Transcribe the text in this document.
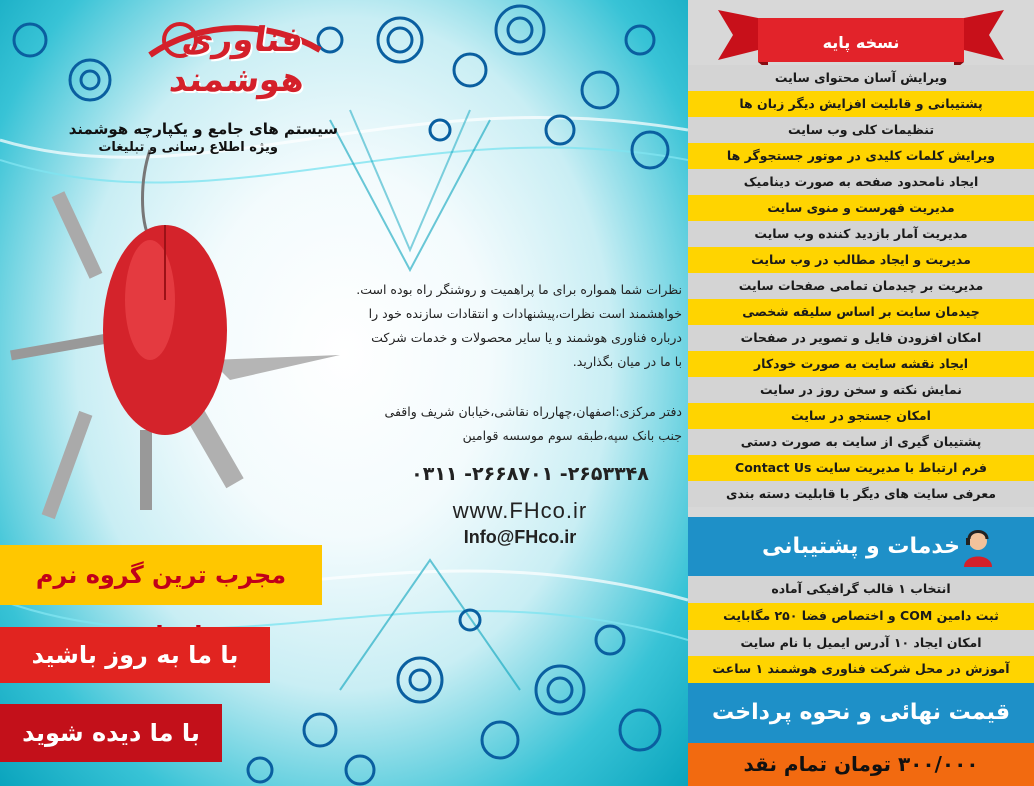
فناوری هوشمند
سیستم های جامع و یکپارچه هوشمند
ویژه اطلاع رسانی و تبلیغات
نظرات شما همواره برای ما پراهمیت و روشنگر راه بوده است.
خواهشمند است نظرات،پیشنهادات و انتقادات سازنده خود را
درباره فناوری هوشمند و یا سایر محصولات و خدمات شرکت
با ما در میان بگذارید.
دفتر مرکزی:اصفهان،چهارراه نقاشی،خیابان شریف واقفی
جنب بانک سپه،طبقه سوم موسسه قوامین
۰۳۱۱ -۲۶۶۸۷۰۱ -۲۶۵۳۳۴۸
www.FHco.ir
Info@FHco.ir
مجرب ترین گروه نرم
با ما به روز باشید
با ما دیده شوید
نسخه پایه
ویرایش آسان محتوای سایت
پشتیبانی و قابلیت افزایش دیگر زبان ها
تنظیمات کلی وب سایت
ویرایش کلمات کلیدی در موتور جستجوگر ها
ایجاد نامحدود صفحه به صورت دینامیک
مدیریت فهرست و منوی سایت
مدیریت آمار بازدید کننده وب سایت
مدیریت و ایجاد مطالب در وب سایت
مدیریت بر چیدمان تمامی صفحات سایت
چیدمان سایت بر اساس سلیقه شخصی
امکان افزودن فایل و تصویر در صفحات
ایجاد نقشه سایت به صورت خودکار
نمایش نکته و سخن روز در سایت
امکان جستجو در سایت
پشتیبان گیری از سایت به صورت دستی
فرم ارتباط با مدیریت سایت Contact Us
معرفی سایت های دیگر با قابلیت دسته بندی
خدمات و پشتیبانی
انتخاب ۱ قالب گرافیکی آماده
ثبت دامین COM و اختصاص فضا ۲۵۰ مگابایت
امکان ایجاد ۱۰ آدرس ایمیل با نام سایت
آموزش در محل شرکت فناوری هوشمند ۱ ساعت
قیمت نهائی و نحوه پرداخت
۳۰۰/۰۰۰ تومان تمام نقد
